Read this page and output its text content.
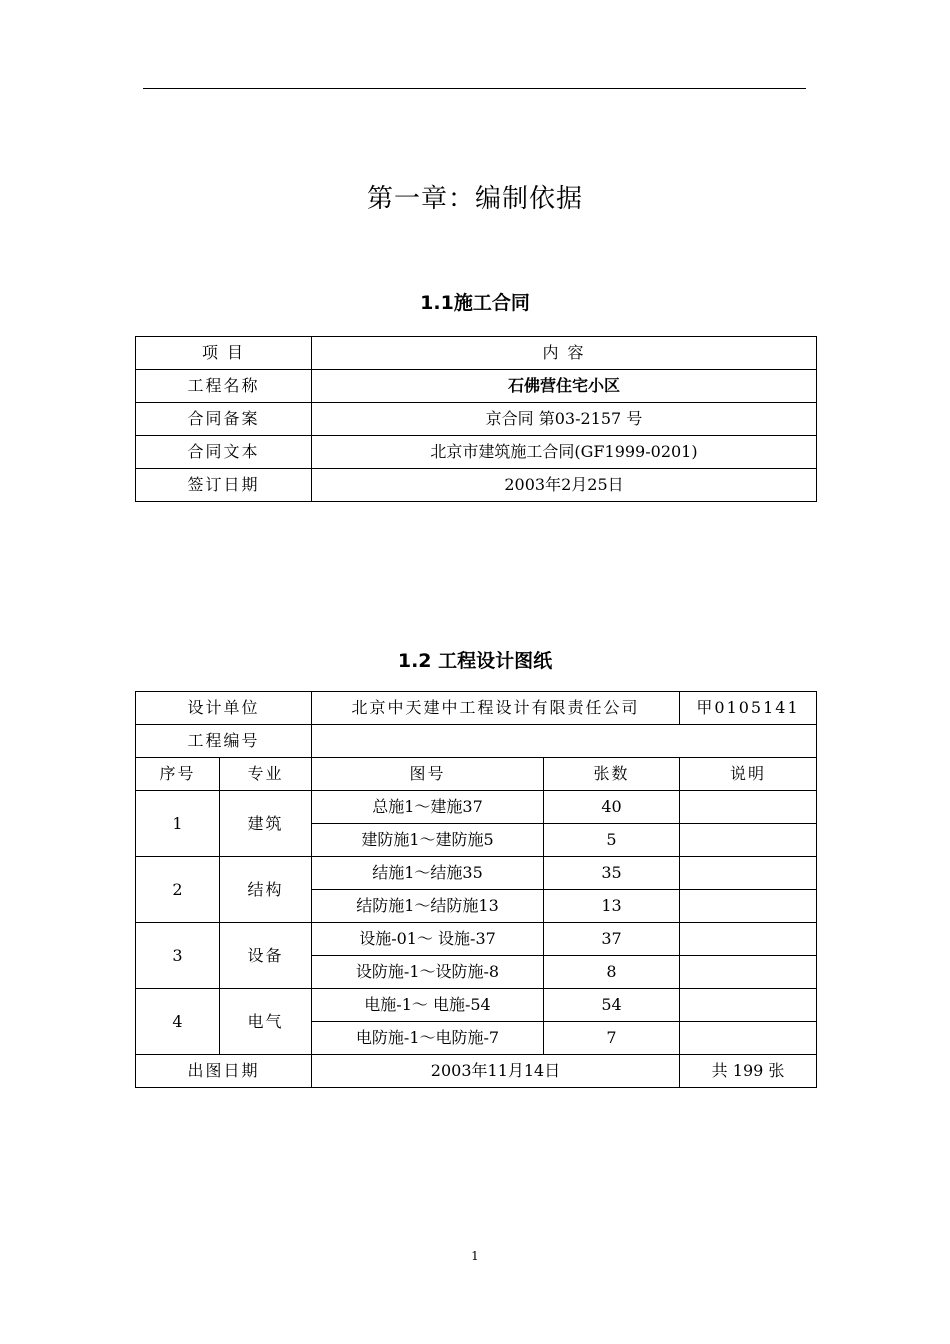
第一章：编制依据
1.1施工合同
项 目	内 容
工程名称	石佛营住宅小区
合同备案	京合同 第03-2157 号
合同文本	北京市建筑施工合同(GF1999-0201)
签订日期	2003年2月25日
1.2 工程设计图纸
设计单位		北京中天建中工程设计有限责任公司		甲0105141
工程编号				
序号	专业	图号	张数	说明
1	建筑	总施1～建施37	40	
		建防施1～建防施5	5	
2	结构	结施1～结施35	35	
		结防施1～结防施13	13	
3	设备	设施-01～ 设施-37	37	
		设防施-1～设防施-8	8	
4	电气	电施-1～ 电施-54	54	
		电防施-1～电防施-7	7	
出图日期		2003年11月14日		共 199 张
1
